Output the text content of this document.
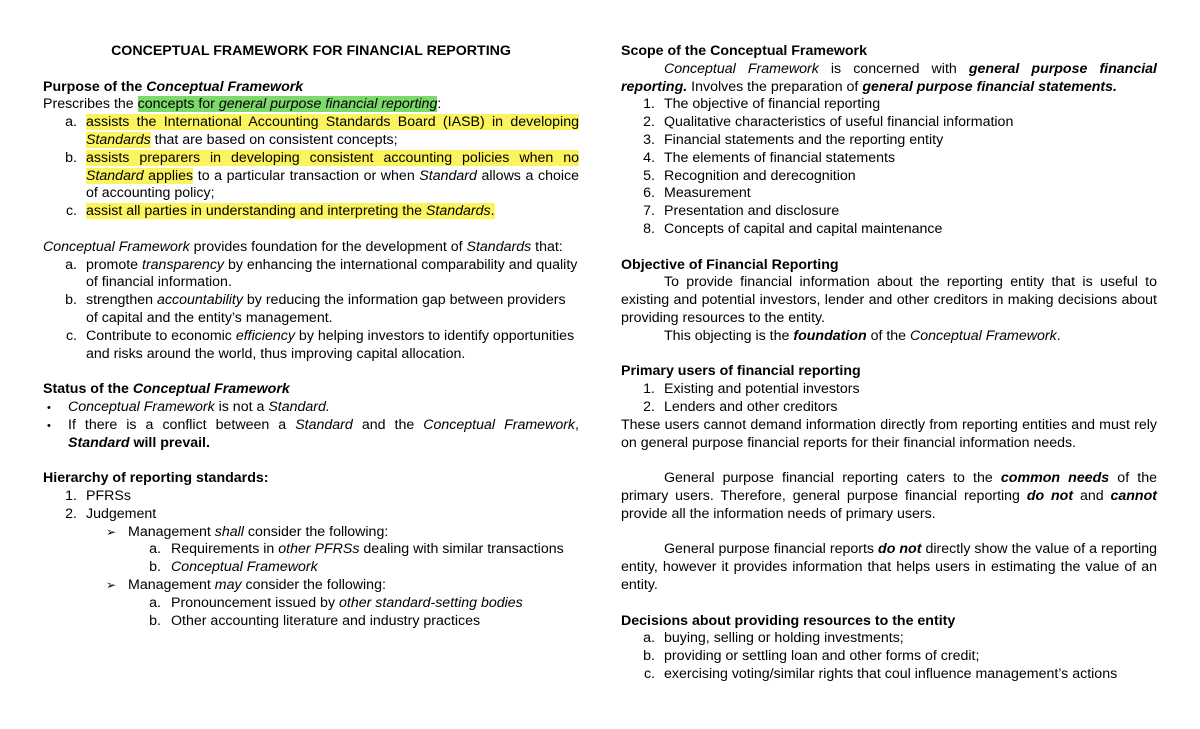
CONCEPTUAL FRAMEWORK FOR FINANCIAL REPORTING

Purpose of the Conceptual Framework

Prescribes the concepts for general purpose financial reporting:

a. assists the International Accounting Standards Board (IASB) in developing Standards that are based on consistent concepts;

b. assists preparers in developing consistent accounting policies when no Standard applies to a particular transaction or when Standard allows a choice of accounting policy;

c. assist all parties in understanding and interpreting the Standards.

Conceptual Framework provides foundation for the development of Standards that:

a. promote transparency by enhancing the international comparability and quality of financial information.

b. strengthen accountability by reducing the information gap between providers of capital and the entity’s management.

c. Contribute to economic efficiency by helping investors to identify opportunities and risks around the world, thus improving capital allocation.

Status of the Conceptual Framework

• Conceptual Framework is not a Standard.

• If there is a conflict between a Standard and the Conceptual Framework, Standard will prevail.

Hierarchy of reporting standards:

1. PFRSs

2. Judgement

➢ Management shall consider the following:

a. Requirements in other PFRSs dealing with similar transactions

b. Conceptual Framework

➢ Management may consider the following:

a. Pronouncement issued by other standard-setting bodies

b. Other accounting literature and industry practices

Scope of the Conceptual Framework

Conceptual Framework is concerned with general purpose financial reporting. Involves the preparation of general purpose financial statements.

1. The objective of financial reporting

2. Qualitative characteristics of useful financial information

3. Financial statements and the reporting entity

4. The elements of financial statements

5. Recognition and derecognition

6. Measurement

7. Presentation and disclosure

8. Concepts of capital and capital maintenance

Objective of Financial Reporting

To provide financial information about the reporting entity that is useful to existing and potential investors, lender and other creditors in making decisions about providing resources to the entity.

This objecting is the foundation of the Conceptual Framework.

Primary users of financial reporting

1. Existing and potential investors

2. Lenders and other creditors

These users cannot demand information directly from reporting entities and must rely on general purpose financial reports for their financial information needs.

General purpose financial reporting caters to the common needs of the primary users. Therefore, general purpose financial reporting do not and cannot provide all the information needs of primary users.

General purpose financial reports do not directly show the value of a reporting entity, however it provides information that helps users in estimating the value of an entity.

Decisions about providing resources to the entity

a. buying, selling or holding investments;

b. providing or settling loan and other forms of credit;

c. exercising voting/similar rights that coul influence management’s actions
